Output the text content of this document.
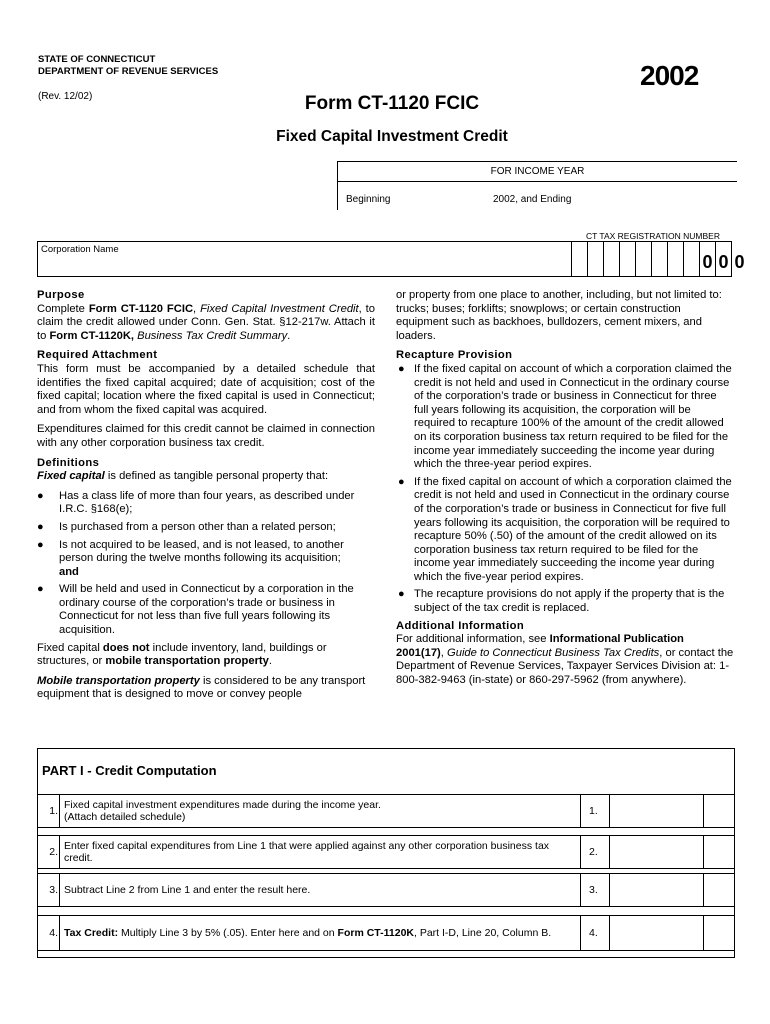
STATE OF CONNECTICUT
DEPARTMENT OF REVENUE SERVICES
(Rev. 12/02)
2002
Form CT-1120 FCIC
Fixed Capital Investment Credit
FOR INCOME YEAR
Beginning	2002, and Ending
CT TAX REGISTRATION NUMBER
Corporation Name
0 0 0
Purpose
Complete Form CT-1120 FCIC, Fixed Capital Investment Credit, to claim the credit allowed under Conn. Gen. Stat. §12-217w. Attach it to Form CT-1120K, Business Tax Credit Summary.
Required Attachment
This form must be accompanied by a detailed schedule that identifies the fixed capital acquired; date of acquisition; cost of the fixed capital; location where the fixed capital is used in Connecticut; and from whom the fixed capital was acquired.
Expenditures claimed for this credit cannot be claimed in connection with any other corporation business tax credit.
Definitions
Fixed capital is defined as tangible personal property that:
● Has a class life of more than four years, as described under I.R.C. §168(e);
● Is purchased from a person other than a related person;
● Is not acquired to be leased, and is not leased, to another person during the twelve months following its acquisition;
and
● Will be held and used in Connecticut by a corporation in the ordinary course of the corporation’s trade or business in Connecticut for not less than five full years following its acquisition.
Fixed capital does not include inventory, land, buildings or structures, or mobile transportation property.
Mobile transportation property is considered to be any transport equipment that is designed to move or convey people
or property from one place to another, including, but not limited to: trucks; buses; forklifts; snowplows; or certain construction equipment such as backhoes, bulldozers, cement mixers, and loaders.
Recapture Provision
● If the fixed capital on account of which a corporation claimed the credit is not held and used in Connecticut in the ordinary course of the corporation’s trade or business in Connecticut for three full years following its acquisition, the corporation will be required to recapture 100% of the amount of the credit allowed on its corporation business tax return required to be filed for the income year immediately succeeding the income year during which the three-year period expires.
● If the fixed capital on account of which a corporation claimed the credit is not held and used in Connecticut in the ordinary course of the corporation’s trade or business in Connecticut for five full years following its acquisition, the corporation will be required to recapture 50% (.50) of the amount of the credit allowed on its corporation business tax return required to be filed for the income year immediately succeeding the income year during which the five-year period expires.
● The recapture provisions do not apply if the property that is the subject of the tax credit is replaced.
Additional Information
For additional information, see Informational Publication 2001(17), Guide to Connecticut Business Tax Credits, or contact the Department of Revenue Services, Taxpayer Services Division at: 1-800-382-9463 (in-state) or 860-297-5962 (from anywhere).
PART I - Credit Computation
1.
Fixed capital investment expenditures made during the income year.
(Attach detailed schedule)	1.
2.
Enter fixed capital expenditures from Line 1 that were applied against any other corporation business tax credit.	2.
3. Subtract Line 2 from Line 1 and enter the result here.	3.
4. Tax Credit: Multiply Line 3 by 5% (.05). Enter here and on Form CT-1120K, Part I-D, Line 20, Column B.	4.
